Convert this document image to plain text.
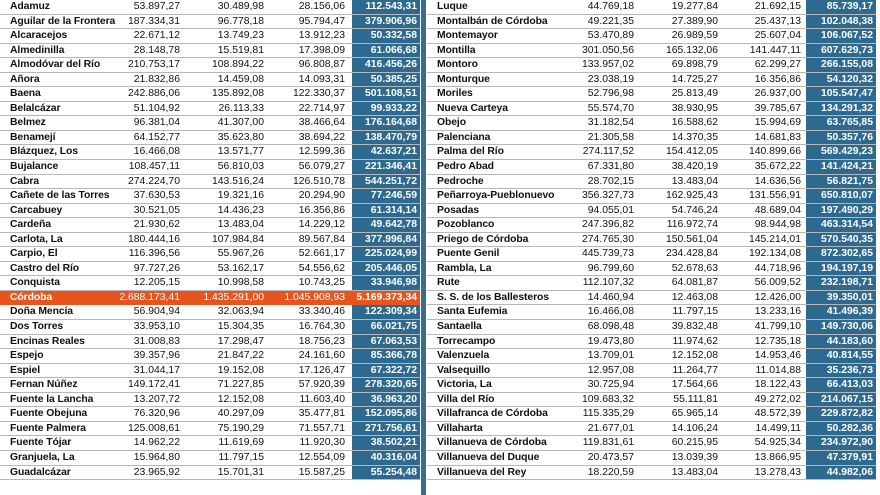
Adamuz	53.897,27	30.489,98	28.156,06	112.543,31
Aguilar de la Frontera 187.334,31	96.778,18	95.794,47	379.906,96
Alcaracejos	22.671,12	13.749,23	13.912,23	50.332,58
Almedinilla	28.148,78	15.519,81	17.398,09	61.066,68
Almodóvar del Río	210.753,17	108.894,22	96.808,87	416.456,26
Añora	21.832,86	14.459,08	14.093,31	50.385,25
Baena	242.886,06	135.892,08	122.330,37	501.108,51
Belalcázar	51.104,92	26.113,33	22.714,97	99.933,22
Belmez	96.381,04	41.307,00	38.466,64	176.164,68
Benamejí	64.152,77	35.623,80	38.694,22	138.470,79
Blázquez, Los	16.466,08	13.571,77	12.599,36	42.637,21
Bujalance	108.457,11	56.810,03	56.079,27	221.346,41
Cabra	274.224,70	143.516,24	126.510,78	544.251,72
Cañete de las Torres 37.630,53	19.321,16	20.294,90	77.246,59
Carcabuey	30.521,05	14.436,23	16.356,86	61.314,14
Cardeña	21.930,62	13.483,04	14.229,12	49.642,78
Carlota, La	180.444,16	107.984,84	89.567,84	377.996,84
Carpio, El	116.396,56	55.967,26	52.661,17	225.024,99
Castro del Río	97.727,26	53.162,17	54.556,62	205.446,05
Conquista	12.205,15	10.998,58	10.743,25	33.946,98
Córdoba	2.688.173,41 1.435.291,00 1.045.908,93	5.169.373,34
Doña Mencía	56.904,94	32.063,94	33.340,46	122.309,34
Dos Torres	33.953,10	15.304,35	16.764,30	66.021,75
Encinas Reales	31.008,83	17.298,47	18.756,23	67.063,53
Espejo	39.357,96	21.847,22	24.161,60	85.366,78
Espiel	31.044,17	19.152,08	17.126,47	67.322,72
Fernan Núñez	149.172,41	71.227,85	57.920,39	278.320,65
Fuente la Lancha	13.207,72	12.152,08	11.603,40	36.963,20
Fuente Obejuna	76.320,96	40.297,09	35.477,81	152.095,86
Fuente Palmera	125.008,61	75.190,29	71.557,71	271.756,61
Fuente Tójar	14.962,22	11.619,69	11.920,30	38.502,21
Granjuela, La	15.964,80	11.797,15	12.554,09	40.316,04
Guadalcázar	23.965,92	15.701,31	15.587,25	55.254,48
Luque	44.769,18	19.277,84	21.692,15	85.739,17
Montalbán de Córdoba	49.221,35	27.389,90	25.437,13	102.048,38
Montemayor	53.470,89	26.989,59	25.607,04	106.067,52
Montilla	301.050,56	165.132,06	141.447,11	607.629,73
Montoro	133.957,02	69.898,79	62.299,27	266.155,08
Monturque	23.038,19	14.725,27	16.356,86	54.120,32
Moriles	52.796,98	25.813,49	26.937,00	105.547,47
Nueva Carteya	55.574,70	38.930,95	39.785,67	134.291,32
Obejo	31.182,54	16.588,62	15.994,69	63.765,85
Palenciana	21.305,58	14.370,35	14.681,83	50.357,76
Palma del Río	274.117,52	154.412,05	140.899,66	569.429,23
Pedro Abad	67.331,80	38.420,19	35.672,22	141.424,21
Pedroche	28.702,15	13.483,04	14.636,56	56.821,75
Peñarroya-Pueblonuevo	356.327,73	162.925,43	131.556,91	650.810,07
Posadas	94.055,01	54.746,24	48.689,04	197.490,29
Pozoblanco	247.396,82	116.972,74	98.944,98	463.314,54
Priego de Córdoba	274.765,30	150.561,04	145.214,01	570.540,35
Puente Genil	445.739,73	234.428,84	192.134,08	872.302,65
Rambla, La	96.799,60	52.678,63	44.718,96	194.197,19
Rute	112.107,32	64.081,87	56.009,52	232.198,71
S. S. de los Ballesteros	14.460,94	12.463,08	12.426,00	39.350,01
Santa Eufemia	16.466,08	11.797,15	13.233,16	41.496,39
Santaella	68.098,48	39.832,48	41.799,10	149.730,06
Torrecampo	19.473,80	11.974,62	12.735,18	44.183,60
Valenzuela	13.709,01	12.152,08	14.953,46	40.814,55
Valsequillo	12.957,08	11.264,77	11.014,88	35.236,73
Victoria, La	30.725,94	17.564,66	18.122,43	66.413,03
Villa del Río	109.683,32	55.111,81	49.272,02	214.067,15
Villafranca de Córdoba	115.335,29	65.965,14	48.572,39	229.872,82
Villaharta	21.677,01	14.106,24	14.499,11	50.282,36
Villanueva de Córdoba	119.831,61	60.215,95	54.925,34	234.972,90
Villanueva del Duque	20.473,57	13.039,39	13.866,95	47.379,91
Villanueva del Rey	18.220,59	13.483,04	13.278,43	44.982,06
